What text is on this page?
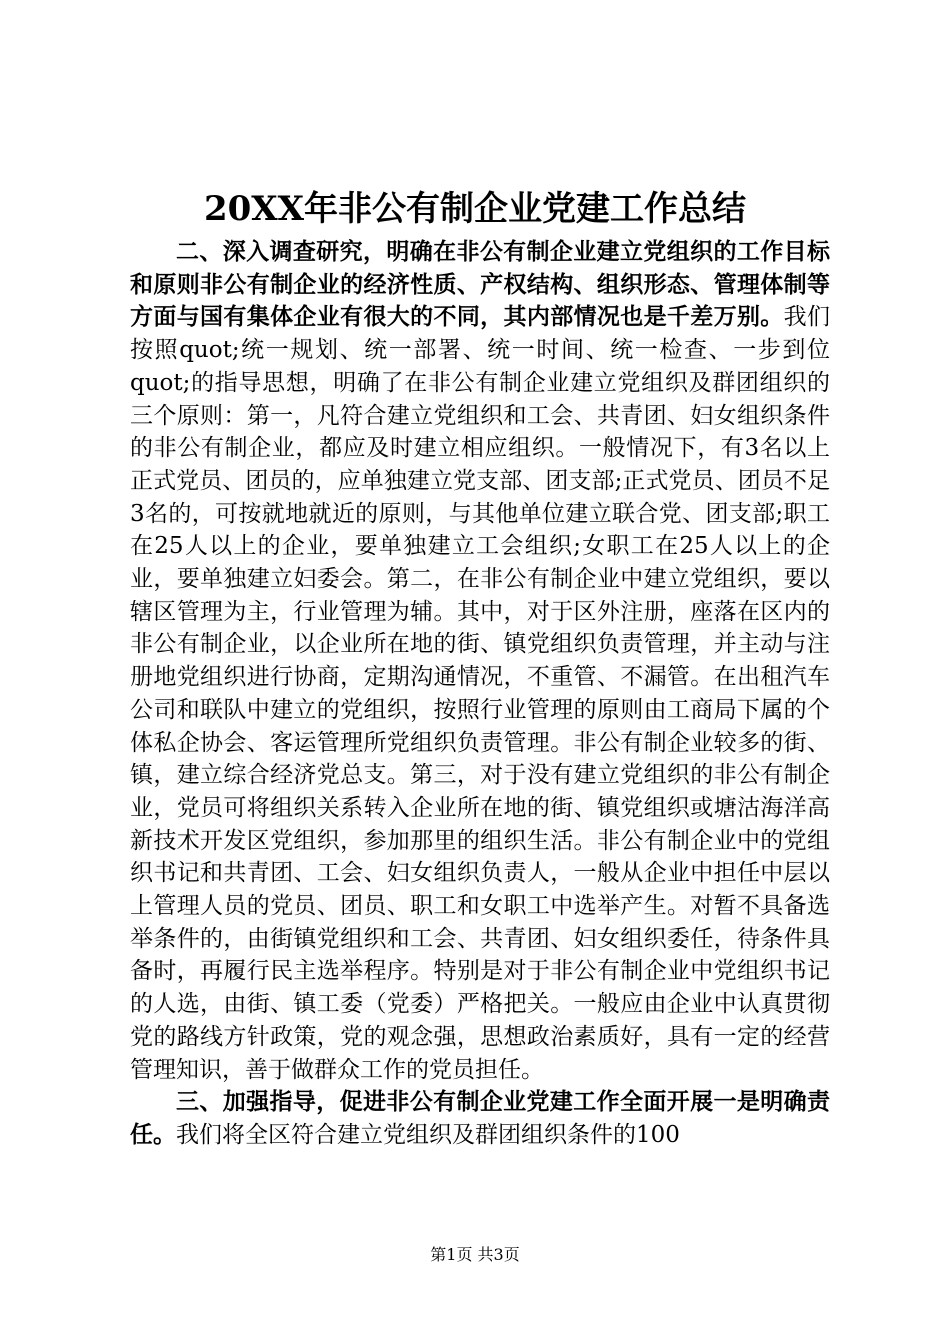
20XX年非公有制企业党建工作总结

二、深入调查研究，明确在非公有制企业建立党组织的工作目标和原则非公有制企业的经济性质、产权结构、组织形态、管理体制等方面与国有集体企业有很大的不同，其内部情况也是千差万别。我们按照quot;统一规划、统一部署、统一时间、统一检查、一步到位quot;的指导思想，明确了在非公有制企业建立党组织及群团组织的三个原则：第一，凡符合建立党组织和工会、共青团、妇女组织条件的非公有制企业，都应及时建立相应组织。一般情况下，有3名以上正式党员、团员的，应单独建立党支部、团支部;正式党员、团员不足3名的，可按就地就近的原则，与其他单位建立联合党、团支部;职工在25人以上的企业，要单独建立工会组织;女职工在25人以上的企业，要单独建立妇委会。第二，在非公有制企业中建立党组织，要以辖区管理为主，行业管理为辅。其中，对于区外注册，座落在区内的非公有制企业，以企业所在地的街、镇党组织负责管理，并主动与注册地党组织进行协商，定期沟通情况，不重管、不漏管。在出租汽车公司和联队中建立的党组织，按照行业管理的原则由工商局下属的个体私企协会、客运管理所党组织负责管理。非公有制企业较多的街、镇，建立综合经济党总支。第三，对于没有建立党组织的非公有制企业，党员可将组织关系转入企业所在地的街、镇党组织或塘沽海洋高新技术开发区党组织，参加那里的组织生活。非公有制企业中的党组织书记和共青团、工会、妇女组织负责人，一般从企业中担任中层以上管理人员的党员、团员、职工和女职工中选举产生。对暂不具备选举条件的，由街镇党组织和工会、共青团、妇女组织委任，待条件具备时，再履行民主选举程序。特别是对于非公有制企业中党组织书记的人选，由街、镇工委（党委）严格把关。一般应由企业中认真贯彻党的路线方针政策，党的观念强，思想政治素质好，具有一定的经营管理知识，善于做群众工作的党员担任。

三、加强指导，促进非公有制企业党建工作全面开展一是明确责任。我们将全区符合建立党组织及群团组织条件的100

第1页 共3页
